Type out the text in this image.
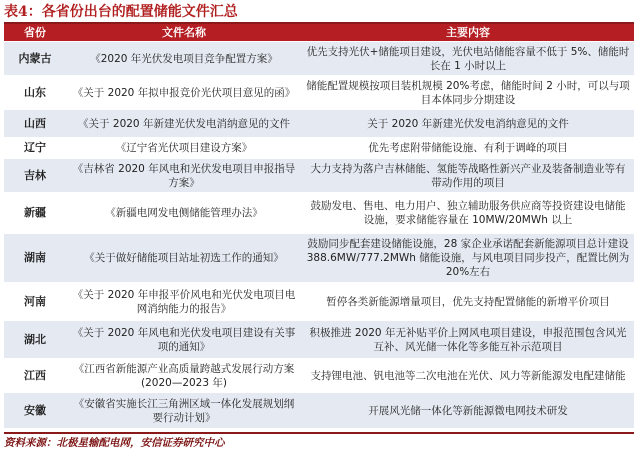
表4：各省份出台的配置储能文件汇总
省份	文件名称	主要内容
内蒙古	《2020 年光伏发电项目竞争配置方案》	优先支持光伏+储能项目建设，光伏电站储能容量不低于 5%、储能时长在 1 小时以上
山东	《关于 2020 年拟申报竞价光伏项目意见的函》	储能配置规模按项目装机规模 20%考虑，储能时间 2 小时，可以与项目本体同步分期建设
山西	《关于 2020 年新建光伏发电消纳意见的文件	关于 2020 年新建光伏发电消纳意见的文件
辽宁	《辽宁省光伏项目建设方案》	优先考虑附带储能设施、有利于调峰的项目
吉林	《吉林省 2020 年风电和光伏发电项目申报指导方案》	大力支持为落户吉林储能、氢能等战略性新兴产业及装备制造业等有带动作用的项目
新疆	《新疆电网发电侧储能管理办法》	鼓励发电、售电、电力用户、独立辅助服务供应商等投资建设电储能设施，要求储能容量在 10MW/20MWh 以上
湖南	《关于做好储能项目站址初选工作的通知》	鼓励同步配套建设储能设施，28 家企业承诺配套新能源项目总计建设 388.6MW/777.2MWh 储能设施，与风电项目同步投产，配置比例为 20%左右
河南	《关于 2020 年申报平价风电和光伏发电项目电网消纳能力的报告》	暂停各类新能源增量项目，优先支持配置储能的新增平价项目
湖北	《关于 2020 年风电和光伏发电项目建设有关事项的通知》	积极推进 2020 年无补贴平价上网风电项目建设，申报范围包含风光互补、风光储一体化等多能互补示范项目
江西	《江西省新能源产业高质量跨越式发展行动方案(2020—2023 年)	支持锂电池、钒电池等二次电池在光伏、风力等新能源发电配建储能
安徽	《安徽省实施长江三角洲区域一体化发展规划纲要行动计划》	开展风光储一体化等新能源微电网技术研发
资料来源：北极星输配电网，安信证券研究中心
